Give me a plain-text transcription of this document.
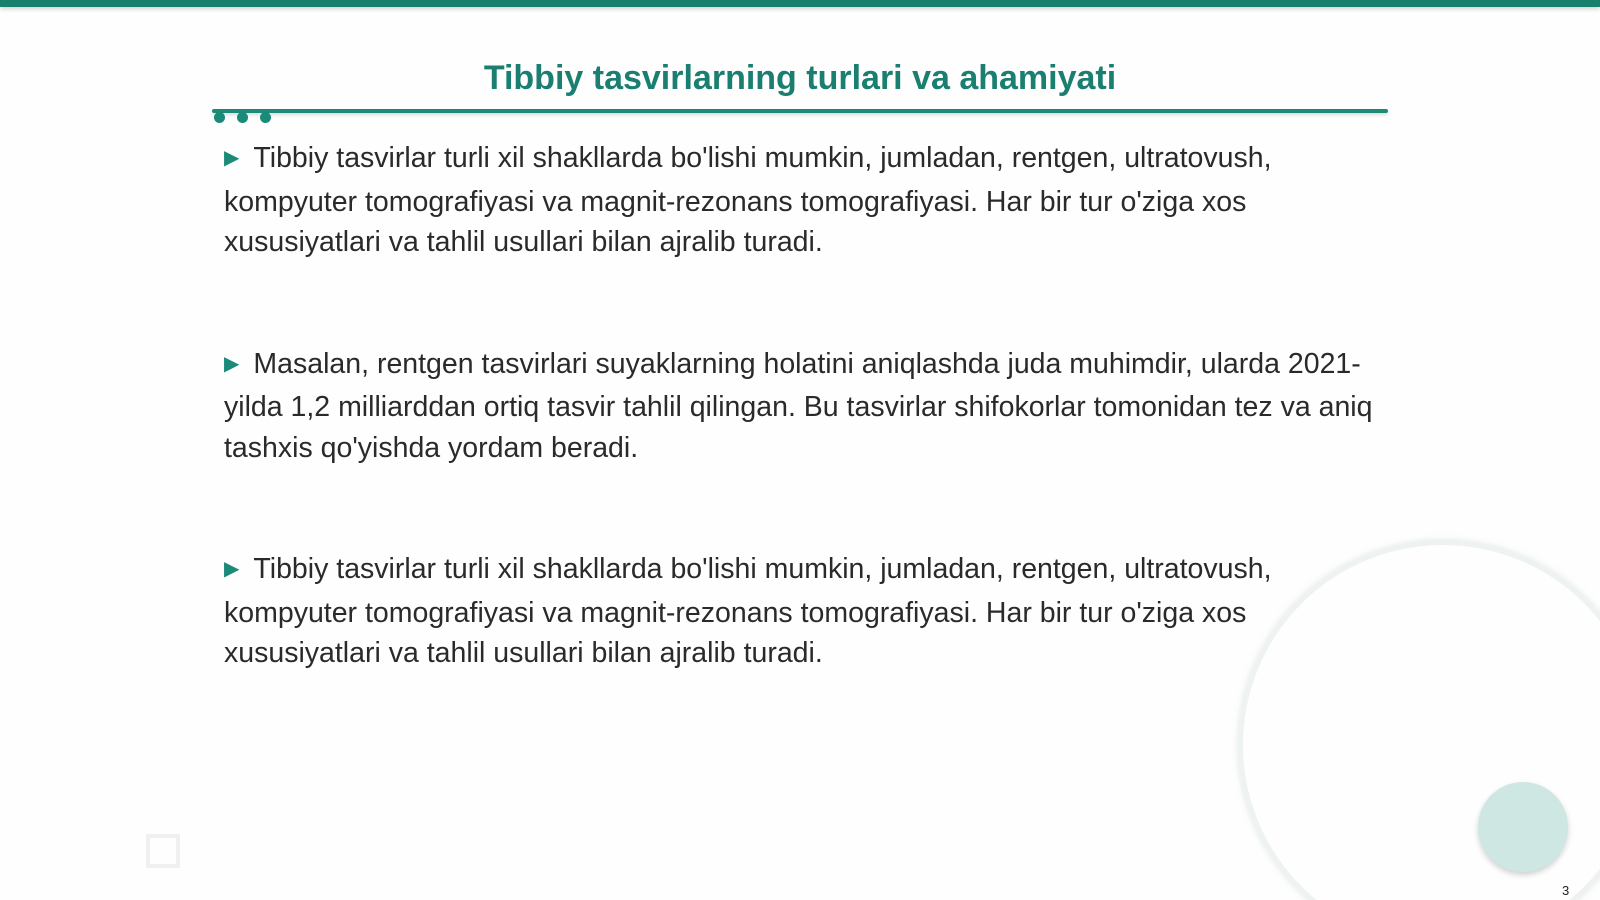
Tibbiy tasvirlarning turlari va ahamiyati

▶ Tibbiy tasvirlar turli xil shakllarda bo'lishi mumkin, jumladan, rentgen, ultratovush, kompyuter tomografiyasi va magnit-rezonans tomografiyasi. Har bir tur o'ziga xos xususiyatlari va tahlil usullari bilan ajralib turadi.

▶ Masalan, rentgen tasvirlari suyaklarning holatini aniqlashda juda muhimdir, ularda 2021-yilda 1,2 milliarddan ortiq tasvir tahlil qilingan. Bu tasvirlar shifokorlar tomonidan tez va aniq tashxis qo'yishda yordam beradi.

▶ Tibbiy tasvirlar turli xil shakllarda bo'lishi mumkin, jumladan, rentgen, ultratovush, kompyuter tomografiyasi va magnit-rezonans tomografiyasi. Har bir tur o'ziga xos xususiyatlari va tahlil usullari bilan ajralib turadi.

3
